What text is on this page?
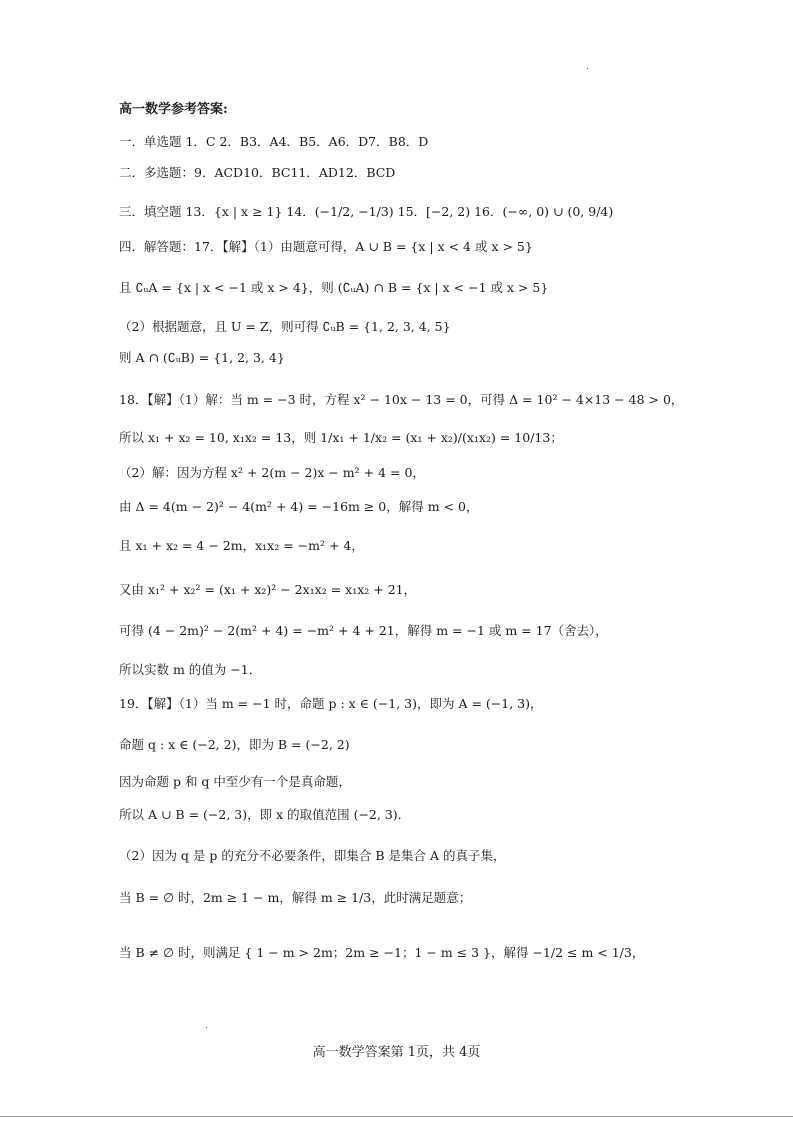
高一数学参考答案:
一．单选题 1．C 2．B3．A4．B5．A6．D7．B8．D
二．多选题：9．ACD10．BC11．AD12．BCD
三．填空题 13．{x | x ≥ 1} 14．(−1/2, −1/3) 15．[−2, 2) 16．(−∞, 0) ∪ (0, 9/4)
四．解答题：17．【解】（1）由题意可得，A ∪ B = {x | x < 4 或 x > 5}
且 ∁ᵤA = {x | x < −1 或 x > 4}，则 (∁ᵤA) ∩ B = {x | x < −1 或 x > 5}
（2）根据题意，且 U = Z，则可得 ∁ᵤB = {1, 2, 3, 4, 5}
则 A ∩ (∁ᵤB) = {1, 2, 3, 4}
18．【解】（1）解：当 m = −3 时，方程 x² − 10x − 13 = 0，可得 Δ = 10² − 4×13 − 48 > 0，
所以 x₁ + x₂ = 10, x₁x₂ = 13，则 1/x₁ + 1/x₂ = (x₁ + x₂)/(x₁x₂) = 10/13；
（2）解：因为方程 x² + 2(m − 2)x − m² + 4 = 0，
由 Δ = 4(m − 2)² − 4(m² + 4) = −16m ≥ 0，解得 m < 0，
且 x₁ + x₂ = 4 − 2m，x₁x₂ = −m² + 4，
又由 x₁² + x₂² = (x₁ + x₂)² − 2x₁x₂ = x₁x₂ + 21，
可得 (4 − 2m)² − 2(m² + 4) = −m² + 4 + 21，解得 m = −1 或 m = 17（舍去），
所以实数 m 的值为 −1．
19．【解】（1）当 m = −1 时，命题 p : x ∈ (−1, 3)，即为 A = (−1, 3)，
命题 q : x ∈ (−2, 2)，即为 B = (−2, 2)
因为命题 p 和 q 中至少有一个是真命题，
所以 A ∪ B = (−2, 3)，即 x 的取值范围 (−2, 3)．
（2）因为 q 是 p 的充分不必要条件，即集合 B 是集合 A 的真子集，
当 B = ∅ 时，2m ≥ 1 − m，解得 m ≥ 1/3，此时满足题意；
当 B ≠ ∅ 时，则满足 { 1 − m > 2m；2m ≥ −1；1 − m ≤ 3 }，解得 −1/2 ≤ m < 1/3，
高一数学答案第 1页，共 4页
